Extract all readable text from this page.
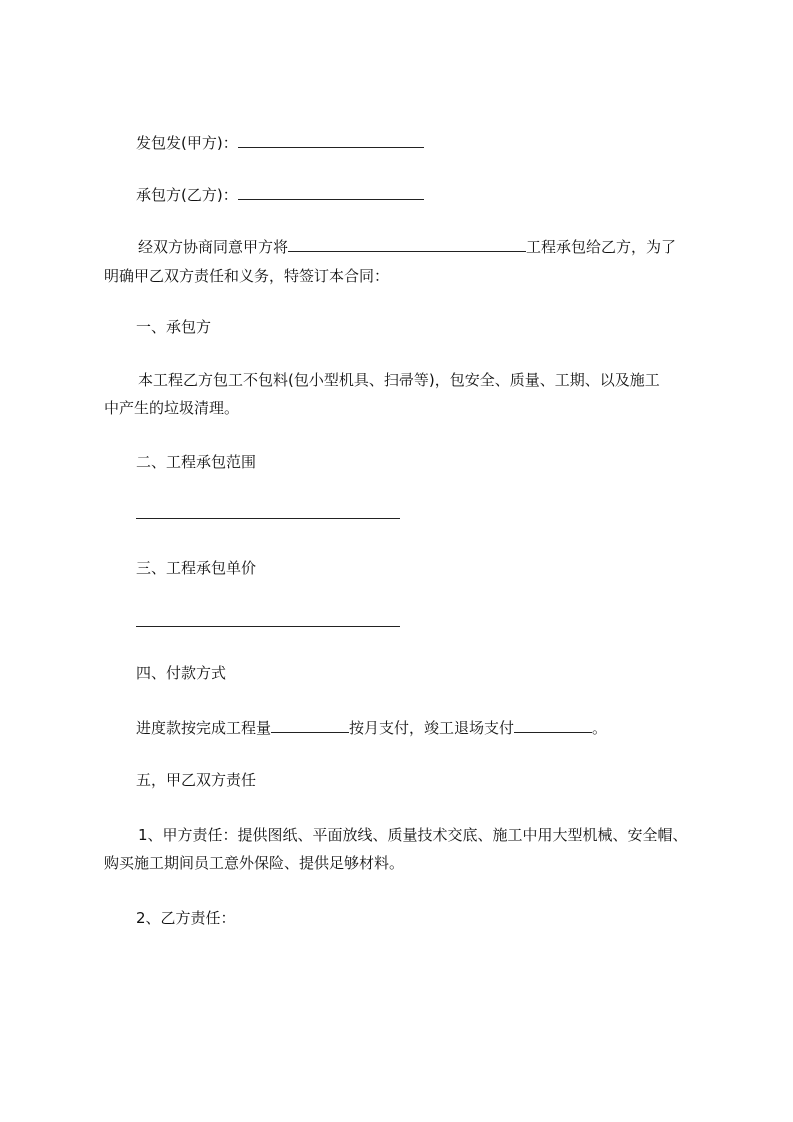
发包发(甲方)：
承包方(乙方)：
经双方协商同意甲方将	工程承包给乙方，为了
明确甲乙双方责任和义务，特签订本合同：
一、承包方
本工程乙方包工不包料(包小型机具、扫帚等)，包安全、质量、工期、以及施工
中产生的垃圾清理。
二、工程承包范围
三、工程承包单价
四、付款方式
进度款按完成工程量	按月支付，竣工退场支付	。
五，甲乙双方责任
1、甲方责任：提供图纸、平面放线、质量技术交底、施工中用大型机械、安全帽、
购买施工期间员工意外保险、提供足够材料。
2、乙方责任：
